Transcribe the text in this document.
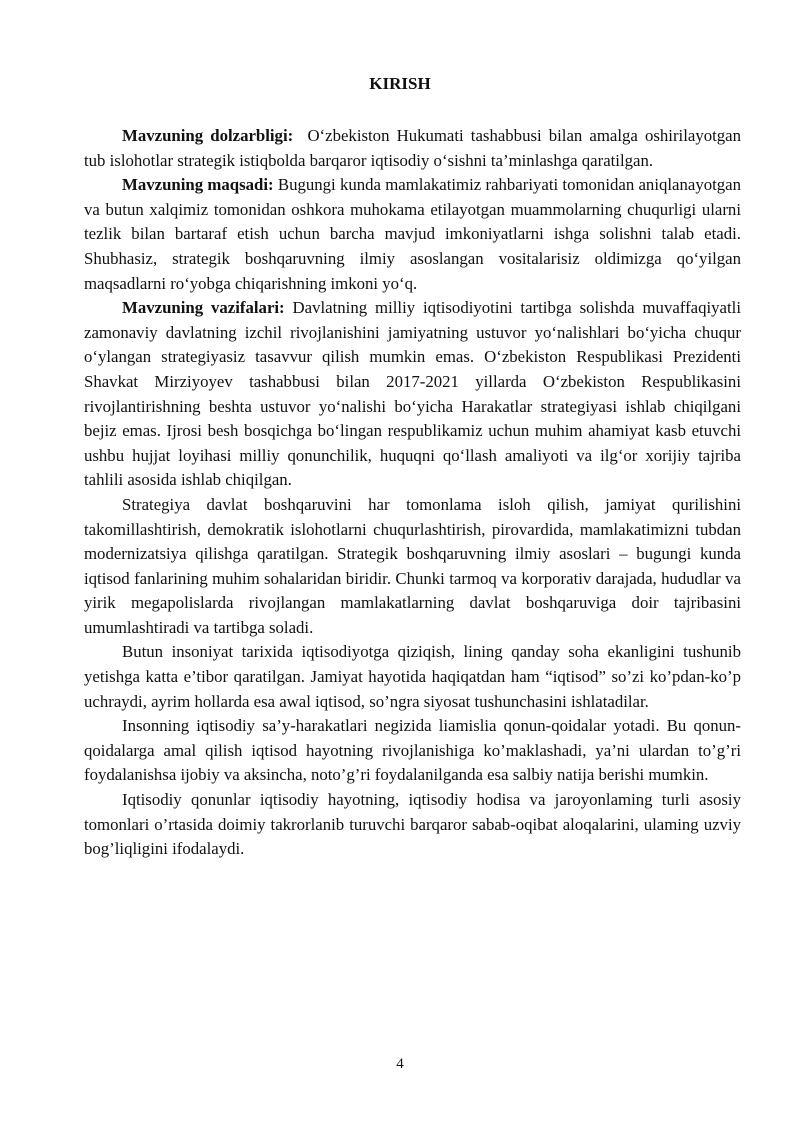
KIRISH

Mavzuning dolzarbligi:  O‘zbekiston Hukumati tashabbusi bilan amalga oshirilayotgan tub islohotlar strategik istiqbolda barqaror iqtisodiy o‘sishni ta’minlashga qaratilgan.

Mavzuning maqsadi: Bugungi kunda mamlakatimiz rahbariyati tomonidan aniqlanayotgan va butun xalqimiz tomonidan oshkora muhokama etilayotgan muammolarning chuqurligi ularni tezlik bilan bartaraf etish uchun barcha mavjud imkoniyatlarni ishga solishni talab etadi. Shubhasiz, strategik boshqaruvning ilmiy asoslangan vositalarisiz oldimizga qo‘yilgan maqsadlarni ro‘yobga chiqarishning imkoni yo‘q.

Mavzuning vazifalari: Davlatning milliy iqtisodiyotini tartibga solishda muvaffaqiyatli zamonaviy davlatning izchil rivojlanishini jamiyatning ustuvor yo‘nalishlari bo‘yicha chuqur o‘ylangan strategiyasiz tasavvur qilish mumkin emas. O‘zbekiston Respublikasi Prezidenti Shavkat Mirziyoyev tashabbusi bilan 2017-2021 yillarda O‘zbekiston Respublikasini rivojlantirishning beshta ustuvor yo‘nalishi bo‘yicha Harakatlar strategiyasi ishlab chiqilgani bejiz emas. Ijrosi besh bosqichga bo‘lingan respublikamiz uchun muhim ahamiyat kasb etuvchi ushbu hujjat loyihasi milliy qonunchilik, huquqni qo‘llash amaliyoti va ilg‘or xorijiy tajriba tahlili asosida ishlab chiqilgan.

Strategiya davlat boshqaruvini har tomonlama isloh qilish, jamiyat qurilishini takomillashtirish, demokratik islohotlarni chuqurlashtirish, pirovardida, mamlakatimizni tubdan modernizatsiya qilishga qaratilgan. Strategik boshqaruvning ilmiy asoslari – bugungi kunda iqtisod fanlarining muhim sohalaridan biridir. Chunki tarmoq va korporativ darajada, hududlar va yirik megapolislarda rivojlangan mamlakatlarning davlat boshqaruviga doir tajribasini umumlashtiradi va tartibga soladi.

Butun insoniyat tarixida iqtisodiyotga qiziqish, lining qanday soha ekanligini tushunib yetishga katta e’tibor qaratilgan. Jamiyat hayotida haqiqatdan ham “iqtisod” so’zi ko’pdan-ko’p uchraydi, ayrim hollarda esa awal iqtisod, so’ngra siyosat tushunchasini ishlatadilar.

Insonning iqtisodiy sa’y-harakatlari negizida liamislia qonun-qoidalar yotadi. Bu qonun-qoidalarga amal qilish iqtisod hayotning rivojlanishiga ko’maklashadi, ya’ni ulardan to’g’ri foydalanishsa ijobiy va aksincha, noto’g’ri foydalanilganda esa salbiy natija berishi mumkin.

Iqtisodiy qonunlar iqtisodiy hayotning, iqtisodiy hodisa va jaroyonlaming turli asosiy tomonlari o’rtasida doimiy takrorlanib turuvchi barqaror sabab-oqibat aloqalarini, ulaming uzviy bog’liqligini ifodalaydi.

4
